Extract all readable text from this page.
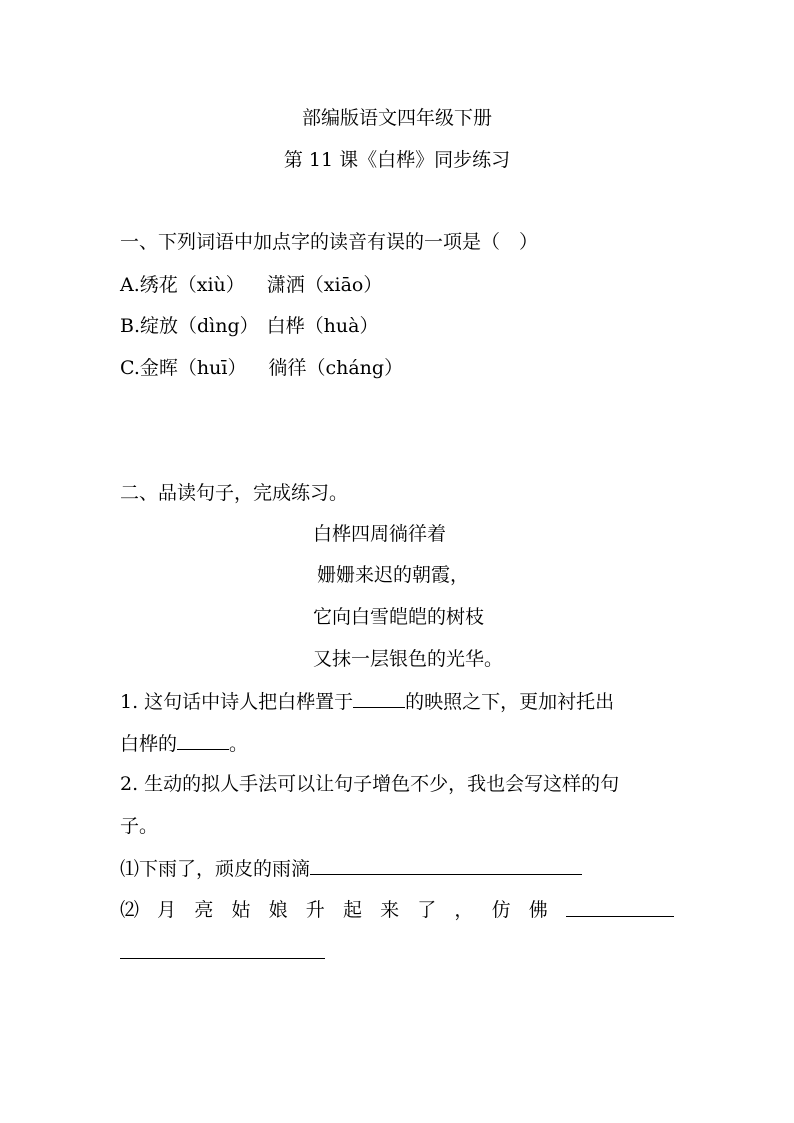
部编版语文四年级下册
第 11 课《白桦》同步练习
一、下列词语中加点字的读音有误的一项是（　）
A.绣花（xiù） 潇洒（xiāo）
B.绽放（dìng） 白桦（huà）
C.金晖（huī） 徜徉（cháng）
二、品读句子，完成练习。
白桦四周徜徉着
姗姗来迟的朝霞，
它向白雪皑皑的树枝
又抹一层银色的光华。
1. 这句话中诗人把白桦置于	的映照之下，更加衬托出
白桦的	。
2. 生动的拟人手法可以让句子增色不少，我也会写这样的句
子。
⑴下雨了，顽皮的雨滴
⑵ 月 亮 姑 娘 升 起 来 了 ， 仿 佛
